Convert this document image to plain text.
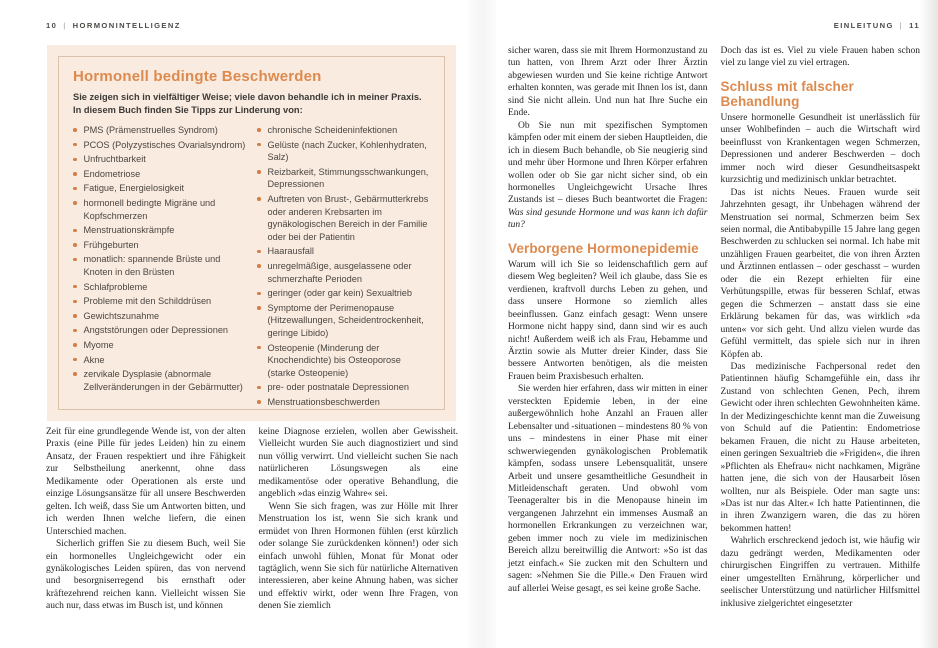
10 | HORMONINTELLIGENZ
Hormonell bedingte Beschwerden
Sie zeigen sich in vielfältiger Weise; viele davon behandle ich in meiner Praxis.
In diesem Buch finden Sie Tipps zur Linderung von:
PMS (Prämenstruelles Syndrom)
PCOS (Polyzystisches Ovarialsyndrom)
Unfruchtbarkeit
Endometriose
Fatigue, Energielosigkeit
hormonell bedingte Migräne und Kopfschmerzen
Menstruationskrämpfe
Frühgeburten
monatlich: spannende Brüste und Knoten in den Brüsten
Schlafprobleme
Probleme mit den Schilddrüsen
Gewichtszunahme
Angststörungen oder Depressionen
Myome
Akne
zervikale Dysplasie (abnormale Zellveränderungen in der Gebärmutter)
chronische Scheideninfektionen
Gelüste (nach Zucker, Kohlenhydraten, Salz)
Reizbarkeit, Stimmungsschwankungen, Depressionen
Auftreten von Brust-, Gebärmutterkrebs oder anderen Krebsarten im gynäkologischen Bereich in der Familie oder bei der Patientin
Haarausfall
unregelmäßige, ausgelassene oder schmerzhafte Perioden
geringer (oder gar kein) Sexualtrieb
Symptome der Perimenopause (Hitzewallungen, Scheidentrockenheit, geringe Libido)
Osteopenie (Minderung der Knochendichte) bis Osteoporose (starke Osteopenie)
pre- oder postnatale Depressionen
Menstruationsbeschwerden

Zeit für eine grundlegende Wende ist, von der alten Praxis (eine Pille für jedes Leiden) hin zu einem Ansatz, der Frauen respektiert und ihre Fähigkeit zur Selbstheilung anerkennt, ohne dass Medikamente oder Operationen als erste und einzige Lösungsansätze für all unsere Beschwerden gelten. Ich weiß, dass Sie um Antworten bitten, und ich werden Ihnen welche liefern, die einen Unterschied machen.

Sicherlich griffen Sie zu diesem Buch, weil Sie ein hormonelles Ungleichgewicht oder ein gynäkologisches Leiden spüren, das von nervend und besorgniserregend bis ernsthaft oder kräftezehrend reichen kann. Vielleicht wissen Sie auch nur, dass etwas im Busch ist, und können

keine Diagnose erzielen, wollen aber Gewissheit. Vielleicht wurden Sie auch diagnostiziert und sind nun völlig verwirrt. Und vielleicht suchen Sie nach natürlicheren Lösungswegen als eine medikamentöse oder operative Behandlung, die angeblich »das einzig Wahre« sei.

Wenn Sie sich fragen, was zur Hölle mit Ihrer Menstruation los ist, wenn Sie sich krank und ermüdet von Ihren Hormonen fühlen (erst kürzlich oder solange Sie zurückdenken können!) oder sich einfach unwohl fühlen, Monat für Monat oder tagtäglich, wenn Sie sich für natürliche Alternativen interessieren, aber keine Ahnung haben, was sicher und effektiv wirkt, oder wenn Ihre Fragen, von denen Sie ziemlich

EINLEITUNG | 11

sicher waren, dass sie mit Ihrem Hormonzustand zu tun hatten, von Ihrem Arzt oder Ihrer Ärztin abgewiesen wurden und Sie keine richtige Antwort erhalten konnten, was gerade mit Ihnen los ist, dann sind Sie nicht allein. Und nun hat Ihre Suche ein Ende.

Ob Sie nun mit spezifischen Symptomen kämpfen oder mit einem der sieben Hauptleiden, die ich in diesem Buch behandle, ob Sie neugierig sind und mehr über Hormone und Ihren Körper erfahren wollen oder ob Sie gar nicht sicher sind, ob ein hormonelles Ungleichgewicht Ursache Ihres Zustands ist – dieses Buch beantwortet die Fragen: Was sind gesunde Hormone und was kann ich dafür tun?

Verborgene Hormonepidemie

Warum will ich Sie so leidenschaftlich gern auf diesem Weg begleiten? Weil ich glaube, dass Sie es verdienen, kraftvoll durchs Leben zu gehen, und dass unsere Hormone so ziemlich alles beeinflussen. Ganz einfach gesagt: Wenn unsere Hormone nicht happy sind, dann sind wir es auch nicht! Außerdem weiß ich als Frau, Hebamme und Ärztin sowie als Mutter dreier Kinder, dass Sie bessere Antworten benötigen, als die meisten Frauen beim Praxisbesuch erhalten.

Sie werden hier erfahren, dass wir mitten in einer versteckten Epidemie leben, in der eine außergewöhnlich hohe Anzahl an Frauen aller Lebensalter und -situationen – mindestens 80 % von uns – mindestens in einer Phase mit einer schwerwiegenden gynäkologischen Problematik kämpfen, sodass unsere Lebensqualität, unsere Arbeit und unsere gesamtheitliche Gesundheit in Mitleidenschaft geraten. Und obwohl vom Teenageralter bis in die Menopause hinein im vergangenen Jahrzehnt ein immenses Ausmaß an hormonellen Erkrankungen zu verzeichnen war, geben immer noch zu viele im medizinischen Bereich allzu bereitwillig die Antwort: »So ist das jetzt einfach.« Sie zucken mit den Schultern und sagen: »Nehmen Sie die Pille.« Den Frauen wird auf allerlei Weise gesagt, es sei keine große Sache.

Doch das ist es. Viel zu viele Frauen haben schon viel zu lange viel zu viel ertragen.

Schluss mit falscher Behandlung

Unsere hormonelle Gesundheit ist unerlässlich für unser Wohlbefinden – auch die Wirtschaft wird beeinflusst von Krankentagen wegen Schmerzen, Depressionen und anderer Beschwerden – doch immer noch wird dieser Gesundheitsaspekt kurzsichtig und medizinisch unklar betrachtet.

Das ist nichts Neues. Frauen wurde seit Jahrzehnten gesagt, ihr Unbehagen während der Menstruation sei normal, Schmerzen beim Sex seien normal, die Antibabypille 15 Jahre lang gegen Beschwerden zu schlucken sei normal. Ich habe mit unzähligen Frauen gearbeitet, die von ihren Ärzten und Ärztinnen entlassen – oder geschasst – wurden oder die ein Rezept erhielten für eine Verhütungspille, etwas für besseren Schlaf, etwas gegen die Schmerzen – anstatt dass sie eine Erklärung bekamen für das, was wirklich »da unten« vor sich geht. Und allzu vielen wurde das Gefühl vermittelt, das spiele sich nur in ihren Köpfen ab.

Das medizinische Fachpersonal redet den Patientinnen häufig Schamgefühle ein, dass ihr Zustand von schlechten Genen, Pech, ihrem Gewicht oder ihren schlechten Gewohnheiten käme. In der Medizingeschichte kennt man die Zuweisung von Schuld auf die Patientin: Endometriose bekamen Frauen, die nicht zu Hause arbeiteten, einen geringen Sexualtrieb die »Frigiden«, die ihren »Pflichten als Ehefrau« nicht nachkamen, Migräne hatten jene, die sich von der Hausarbeit lösen wollten, nur als Beispiele. Oder man sagte uns: »Das ist nur das Alter.« Ich hatte Patientinnen, die in ihren Zwanzigern waren, die das zu hören bekommen hatten!

Wahrlich erschreckend jedoch ist, wie häufig wir dazu gedrängt werden, Medikamenten oder chirurgischen Eingriffen zu vertrauen. Mithilfe einer umgestellten Ernährung, körperlicher und seelischer Unterstützung und natürlicher Hilfsmittel inklusive zielgerichtet eingesetzter
